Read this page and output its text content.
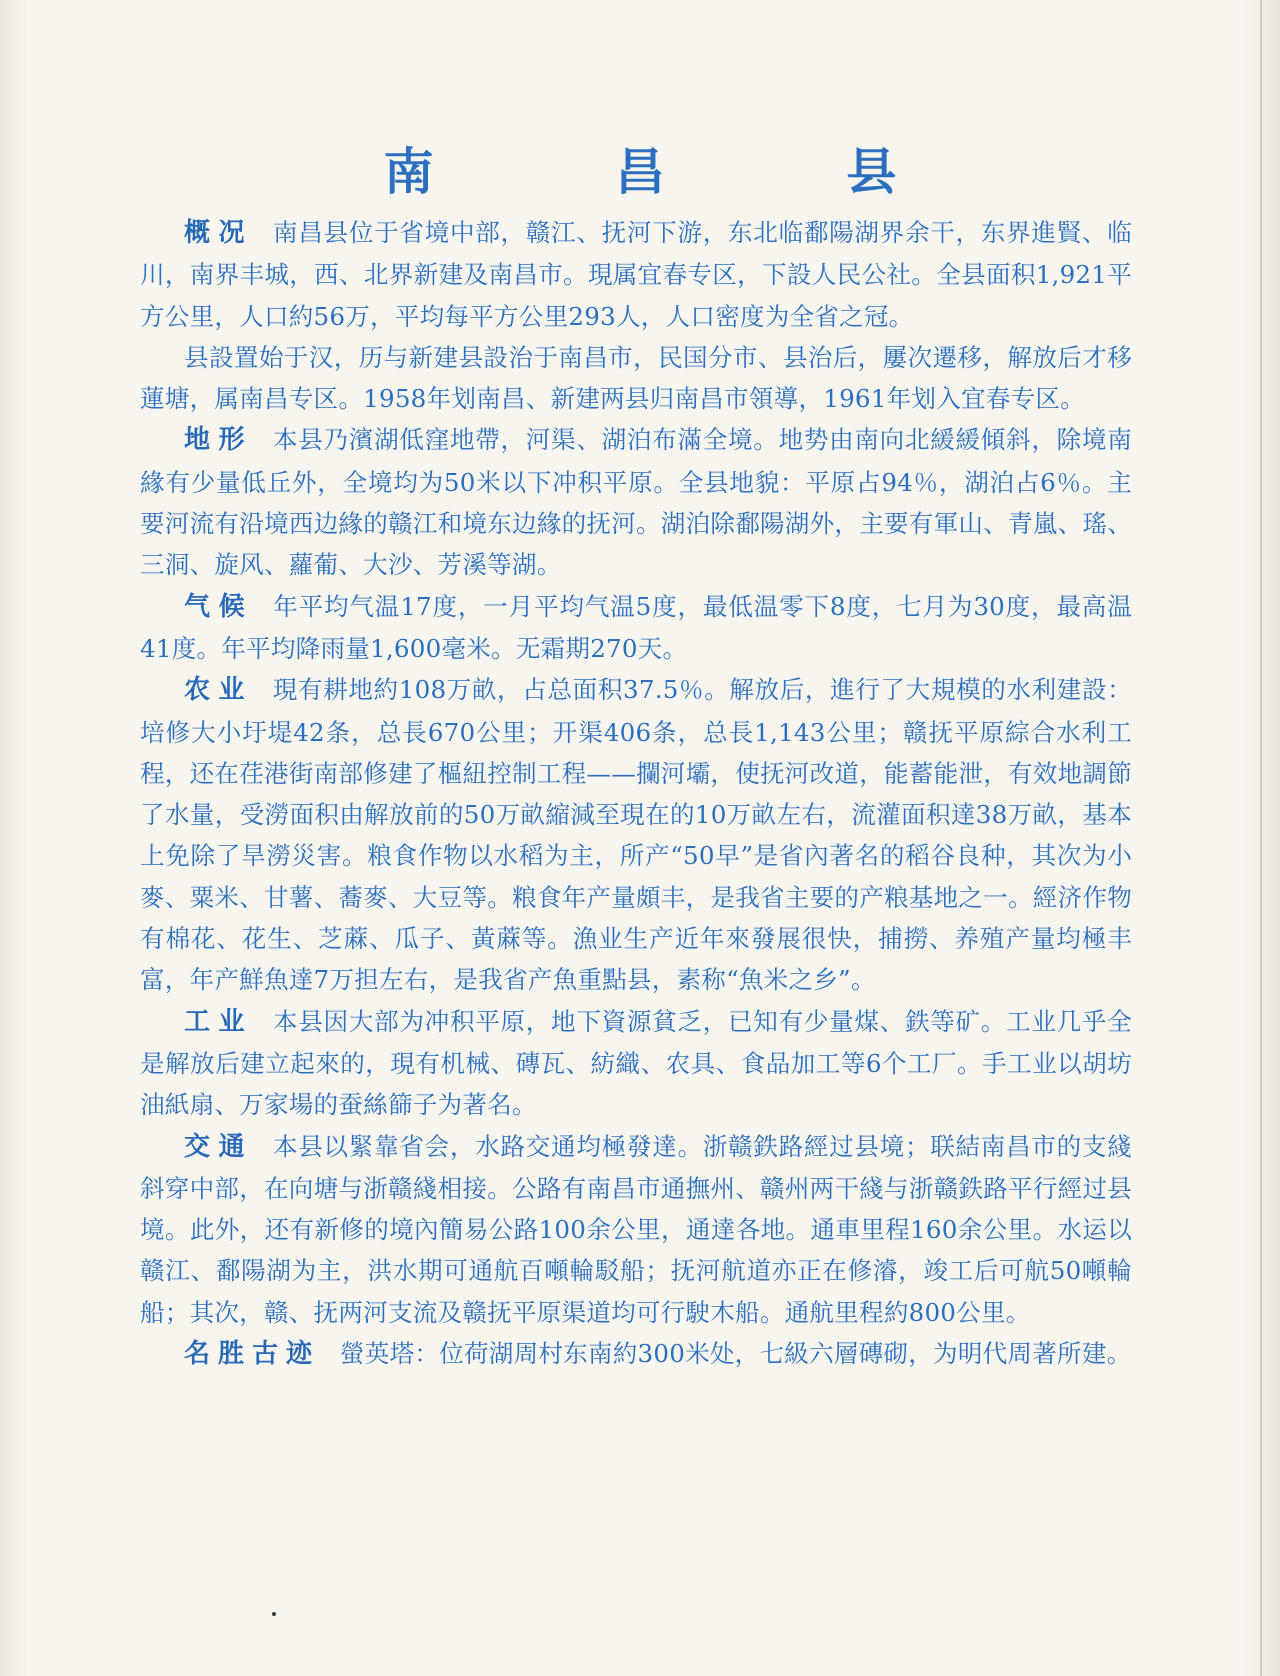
南 昌 县

概况 南昌县位于省境中部，赣江、抚河下游，东北临鄱陽湖界余干，东界進賢、临川，南界丰城，西、北界新建及南昌市。現属宜春专区，下設人民公社。全县面积1,921平方公里，人口約56万，平均每平方公里293人，人口密度为全省之冠。

县設置始于汉，历与新建县設治于南昌市，民国分市、县治后，屢次遷移，解放后才移蓮塘，属南昌专区。1958年划南昌、新建两县归南昌市領導，1961年划入宜春专区。

地形 本县乃濱湖低窪地帶，河渠、湖泊布滿全境。地势由南向北緩緩傾斜，除境南緣有少量低丘外，全境均为50米以下冲积平原。全县地貌：平原占94％，湖泊占6％。主要河流有沿境西边緣的赣江和境东边緣的抚河。湖泊除鄱陽湖外，主要有軍山、青嵐、瑤、三洞、旋风、蘿葡、大沙、芳溪等湖。

气候 年平均气温17度，一月平均气温5度，最低温零下8度，七月为30度，最高温41度。年平均降雨量1,600毫米。无霜期270天。

农业 現有耕地約108万畝，占总面积37.5％。解放后，進行了大規模的水利建設：培修大小圩堤42条，总長670公里；开渠406条，总長1,143公里；赣抚平原綜合水利工程，还在荏港街南部修建了樞紐控制工程——攔河壩，使抚河改道，能蓄能泄，有效地調節了水量，受澇面积由解放前的50万畝縮減至現在的10万畝左右，流灌面积達38万畝，基本上免除了旱澇災害。粮食作物以水稻为主，所产“50早”是省內著名的稻谷良种，其次为小麥、粟米、甘薯、蕎麥、大豆等。粮食年产量頗丰，是我省主要的产粮基地之一。經济作物有棉花、花生、芝蔴、瓜子、黃蔴等。漁业生产近年來發展很快，捕撈、养殖产量均極丰富，年产鮮魚達7万担左右，是我省产魚重點县，素称“魚米之乡”。

工业 本县因大部为冲积平原，地下資源貧乏，已知有少量煤、鉄等矿。工业几乎全是解放后建立起來的，現有机械、磚瓦、紡織、农具、食品加工等6个工厂。手工业以胡坊油紙扇、万家場的蚕絲篩子为著名。

交通 本县以緊靠省会，水路交通均極發達。浙赣鉄路經过县境；联結南昌市的支綫斜穿中部，在向塘与浙赣綫相接。公路有南昌市通撫州、赣州两干綫与浙赣鉄路平行經过县境。此外，还有新修的境內簡易公路100余公里，通達各地。通車里程160余公里。水运以赣江、鄱陽湖为主，洪水期可通航百噸輪駁船；抚河航道亦正在修濬，竣工后可航50噸輪船；其次，赣、抚两河支流及赣抚平原渠道均可行駛木船。通航里程約800公里。

名胜古迹 螢英塔：位荷湖周村东南約300米处，七級六層磚砌，为明代周著所建。
